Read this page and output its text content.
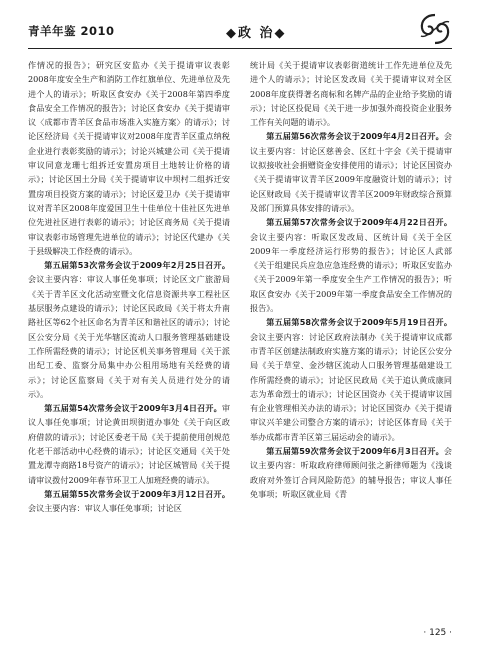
青羊年鉴 2010	◆政 治◆

作情况的报告》；研究区安监办《关于提请审议表彰2008年度安全生产和消防工作红旗单位、先进单位及先进个人的请示》；听取区食安办《关于2008年第四季度食品安全工作情况的报告》；讨论区食安办《关于提请审议〈成都市青羊区食品市场准入实施方案〉的请示》；讨论区经济局《关于提请审议对2008年度青羊区重点纳税企业进行表彰奖励的请示》；讨论兴城建公司《关于提请审议同意龙珊七组拆迁安置房项目土地转让价格的请示》；讨论区国土分局《关于提请审议中坝村二组拆迁安置房项目投资方案的请示》；讨论区爱卫办《关于提请审议对青羊区2008年度爱国卫生十佳单位十佳社区先进单位先进社区进行表彰的请示》；讨论区商务局《关于提请审议表彰市场管理先进单位的请示》；讨论区代建办《关于县级解决工作经费的请示》。

第五届第53次常务会议于2009年2月25日召开。会议主要内容：审议人事任免事项；讨论区文广旅游局《关于青羊区文化活动室暨文化信息资源共享工程社区基层服务点建设的请示》；讨论区民政局《关于将太升南路社区等62个社区命名为青羊区和谐社区的请示》；讨论区公安分局《关于光华辖区流动人口服务管理基础建设工作所需经费的请示》；讨论区机关事务管理局《关于派出纪工委、监察分局集中办公租用场地有关经费的请示》；讨论区监察局《关于对有关人员进行处分的请示》。

第五届第54次常务会议于2009年3月4日召开。审议人事任免事项；讨论黄田坝街道办事处《关于向区政府借款的请示》；讨论区委老干局《关于提前使用创规范化老干部活动中心经费的请示》；讨论区交通局《关于处置龙潭寺商路18号资产的请示》；讨论区城管局《关于提请审议拨付2009年春节环卫工人加班经费的请示》。

第五届第55次常务会议于2009年3月12日召开。会议主要内容：审议人事任免事项；讨论区

统计局《关于提请审议表彰街道统计工作先进单位及先进个人的请示》；讨论区发改局《关于提请审议对全区2008年度获得著名商标和名牌产品的企业给予奖励的请示》；讨论区投促局《关于进一步加强外商投资企业服务工作有关问题的请示》。

第五届第56次常务会议于2009年4月2日召开。会议主要内容：讨论区慈善会、区红十字会《关于提请审议拟接收社会捐赠资金安排使用的请示》；讨论区国资办《关于提请审议青羊区2009年度融资计划的请示》；讨论区财政局《关于提请审议青羊区2009年财政综合预算及部门预算具体安排的请示》。

第五届第57次常务会议于2009年4月22日召开。会议主要内容：听取区发改局、区统计局《关于全区2009年一季度经济运行形势的报告》；讨论区人武部《关于组建民兵应急应急连经费的请示》；听取区安监办《关于2009年第一季度安全生产工作情况的报告》；听取区食安办《关于2009年第一季度食品安全工作情况的报告》。

第五届第58次常务会议于2009年5月19日召开。会议主要内容：讨论区政府法制办《关于提请审议成都市青羊区创建法制政府实施方案的请示》；讨论区公安分局《关于草堂、金沙辖区流动人口服务管理基础建设工作所需经费的请示》；讨论区民政局《关于追认黄成康同志为革命烈士的请示》；讨论区国资办《关于提请审议国有企业管理相关办法的请示》；讨论区国资办《关于提请审议兴羊建公司整合方案的请示》；讨论区体育局《关于举办成都市青羊区第三届运动会的请示》。

第五届第59次常务会议于2009年6月3日召开。会议主要内容：听取政府律师顾问张之新律师题为《浅谈政府对外签订合同风险防范》的辅导报告；审议人事任免事项；听取区就业局《青

· 125 ·
